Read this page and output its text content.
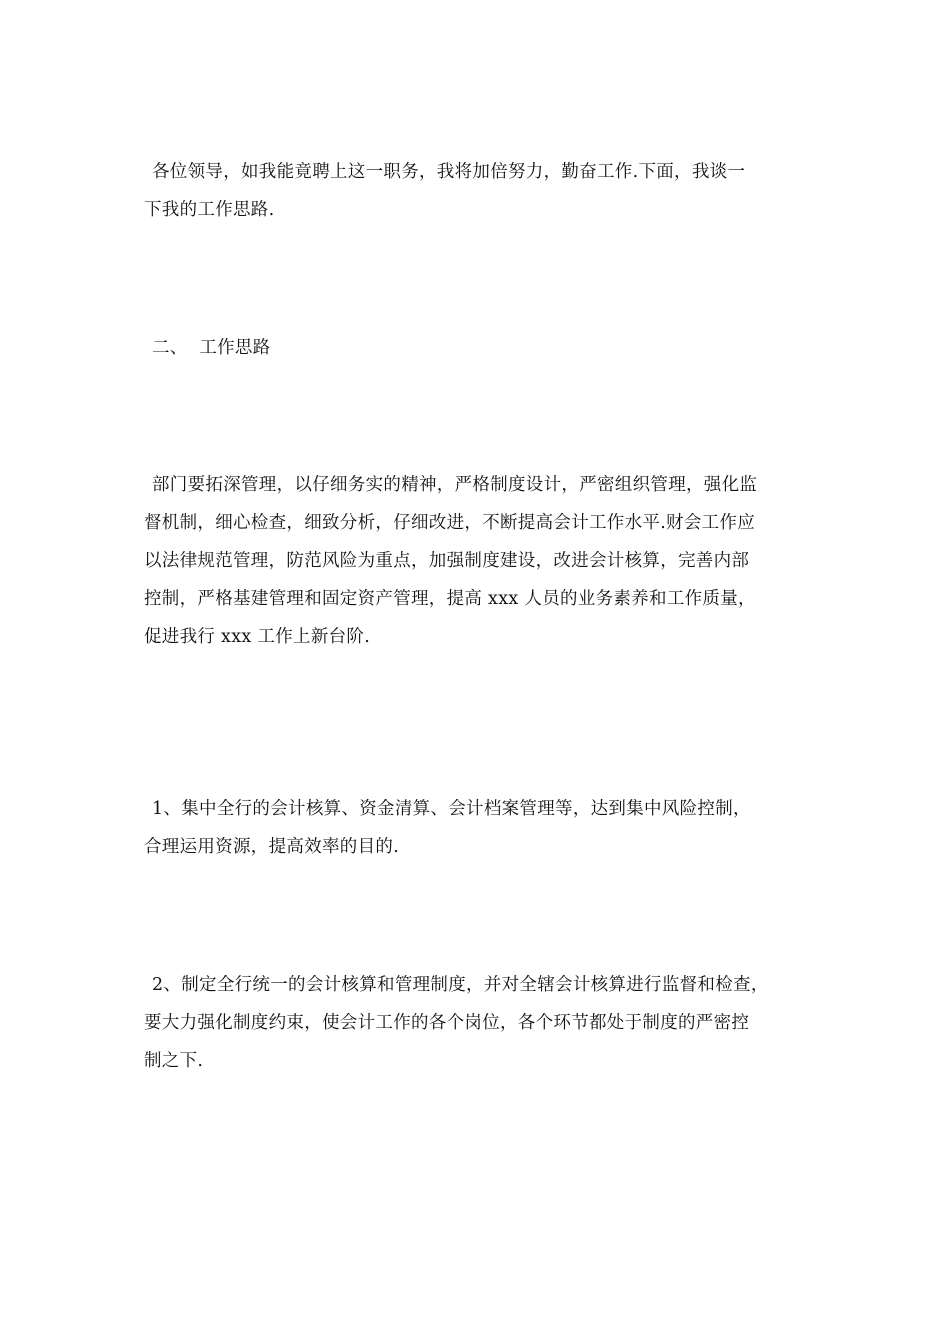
各位领导，如我能竟聘上这一职务，我将加倍努力，勤奋工作.下面，我谈一
下我的工作思路.

二、  工作思路

部门要拓深管理，以仔细务实的精神，严格制度设计，严密组织管理，强化监
督机制，细心检查，细致分析，仔细改进，不断提高会计工作水平.财会工作应
以法律规范管理，防范风险为重点，加强制度建设，改进会计核算，完善内部
控制，严格基建管理和固定资产管理，提高 xxx 人员的业务素养和工作质量，
促进我行 xxx 工作上新台阶.

1、集中全行的会计核算、资金清算、会计档案管理等，达到集中风险控制，
合理运用资源，提高效率的目的.

2、制定全行统一的会计核算和管理制度，并对全辖会计核算进行监督和检查，
要大力强化制度约束，使会计工作的各个岗位，各个环节都处于制度的严密控
制之下.
